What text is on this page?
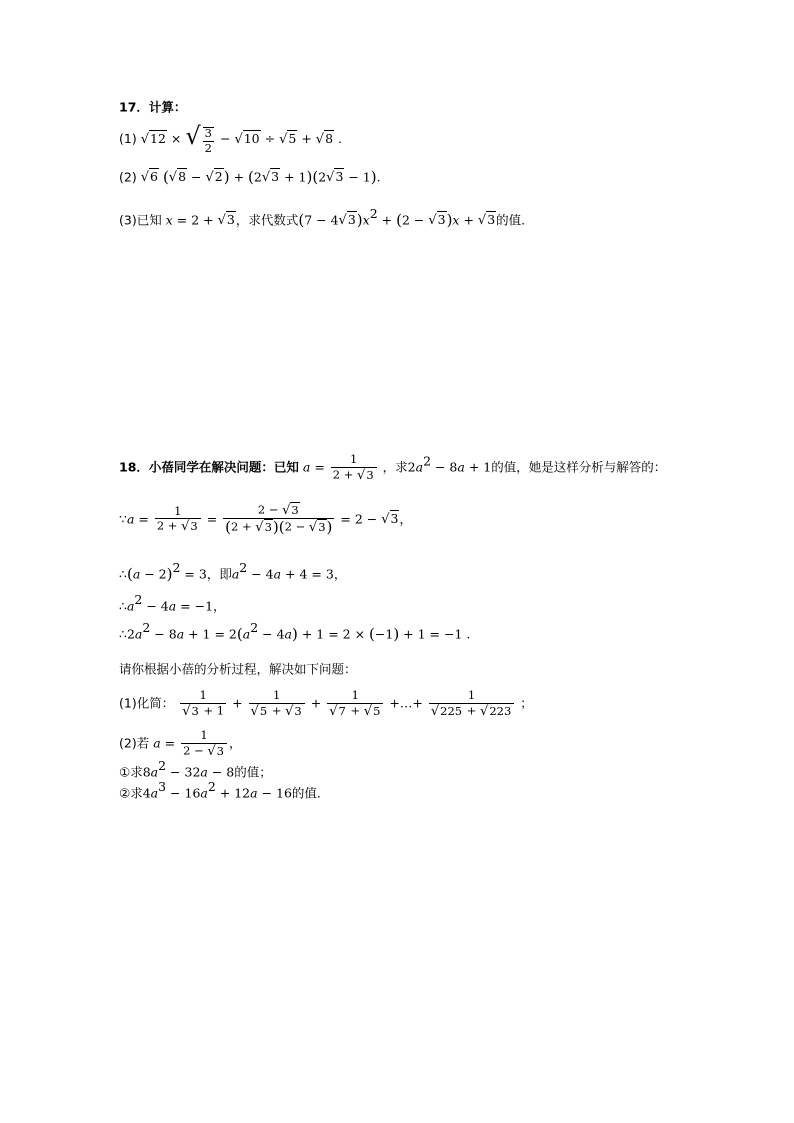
17．计算：
(1) √12 × √ $\frac{3}{2} - √10 \div √5 + √8$ .
(2) √6 (√8 − √2) + (2√3 + 1)(2√3 − 1).
(3)已知 x = 2 + √3，求代数式$(7 - 4√3)x^2 + (2 - √3)x + √3$的值.
18．小蓓同学在解决问题：已知 $a = \frac{1}{2 + √3}$ ，求$2a^2 - 8a + 1$的值，她是这样分析与解答的：
∵a = $\frac{1}{2 + √3} = \frac{2 - √3}{(2 + √3)(2 - √3)} = 2 - √3$，
∴(a − 2)$^2$ = 3，即$a^2 - 4a + 4 = 3$，
$\therefore a^2 - 4a = -1$，
$\therefore 2a^2 - 8a + 1 = 2(a^2 - 4a) + 1 = 2 \times (-1) + 1 = -1$ .
请你根据小蓓的分析过程，解决如下问题：
(1)化简： $\frac{1}{√3 + 1} + \frac{1}{√5 + √3} + \frac{1}{√7 + √5}$ +…+ $\frac{1}{√225 + √223}$ ；
(2)若 $a = \frac{1}{2 - √3}$ ，
①求$8a^2 - 32a - 8$的值；
②求$4a^3 - 16a^2 + 12a - 16$的值.
